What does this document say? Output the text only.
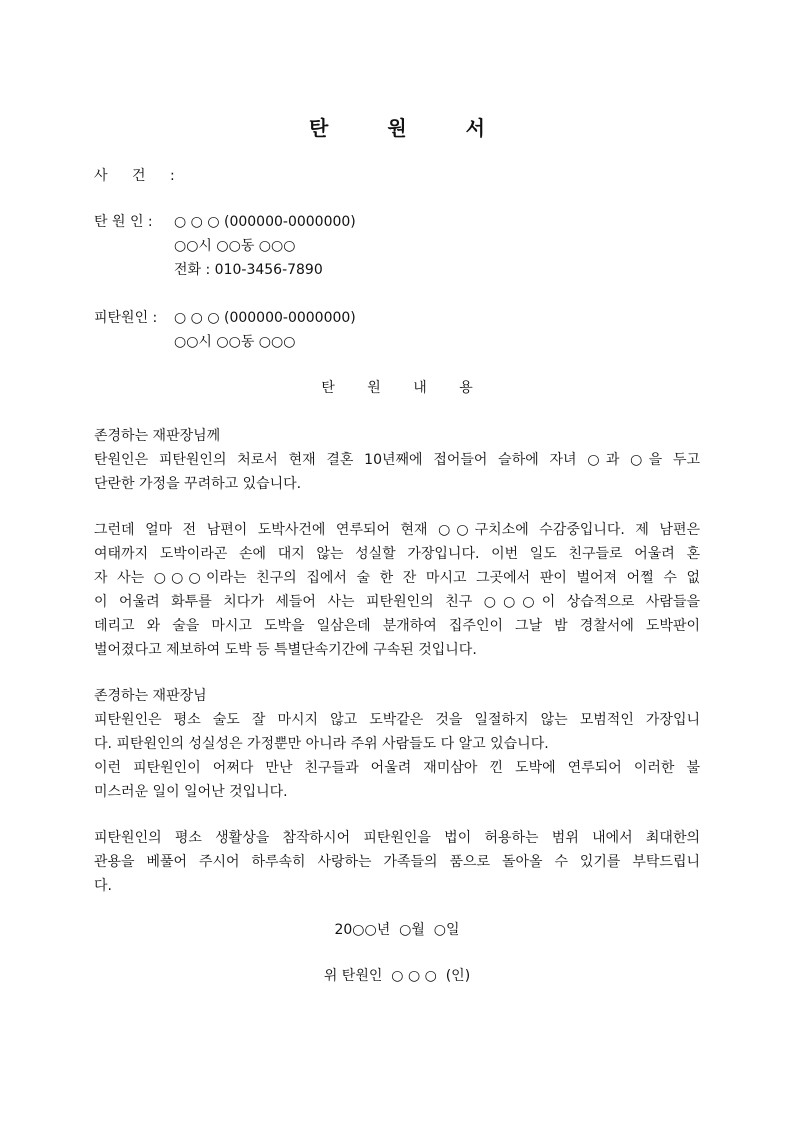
탄 원 서
사 건 :
탄 원 인 : ○ ○ ○ (000000-0000000)
○○시 ○○동 ○○○
전화 : 010-3456-7890
피탄원인 : ○ ○ ○ (000000-0000000)
○○시 ○○동 ○○○
탄 원 내 용
존경하는 재판장님께
탄원인은 피탄원인의 처로서 현재 결혼 10년째에 접어들어 슬하에 자녀 ○과 ○을 두고
단란한 가정을 꾸려하고 있습니다.
그런데 얼마 전 남편이 도박사건에 연루되어 현재 ○○구치소에 수감중입니다. 제 남편은
여태까지 도박이라곤 손에 대지 않는 성실할 가장입니다. 이번 일도 친구들로 어울려 혼
자 사는 ○○○이라는 친구의 집에서 술 한 잔 마시고 그곳에서 판이 벌어져 어쩔 수 없
이 어울려 화투를 치다가 세들어 사는 피탄원인의 친구 ○○○이 상습적으로 사람들을
데리고 와 술을 마시고 도박을 일삼은데 분개하여 집주인이 그날 밤 경찰서에 도박판이
벌어졌다고 제보하여 도박 등 특별단속기간에 구속된 것입니다.
존경하는 재판장님
피탄원인은 평소 술도 잘 마시지 않고 도박같은 것을 일절하지 않는 모범적인 가장입니
다. 피탄원인의 성실성은 가정뿐만 아니라 주위 사람들도 다 알고 있습니다.
이런 피탄원인이 어쩌다 만난 친구들과 어울려 재미삼아 낀 도박에 연루되어 이러한 불
미스러운 일이 일어난 것입니다.
피탄원인의 평소 생활상을 참작하시어 피탄원인을 법이 허용하는 범위 내에서 최대한의
관용을 베풀어 주시어 하루속히 사랑하는 가족들의 품으로 돌아올 수 있기를 부탁드립니
다.
20○○년  ○월  ○일
위 탄원인  ○ ○ ○  (인)
